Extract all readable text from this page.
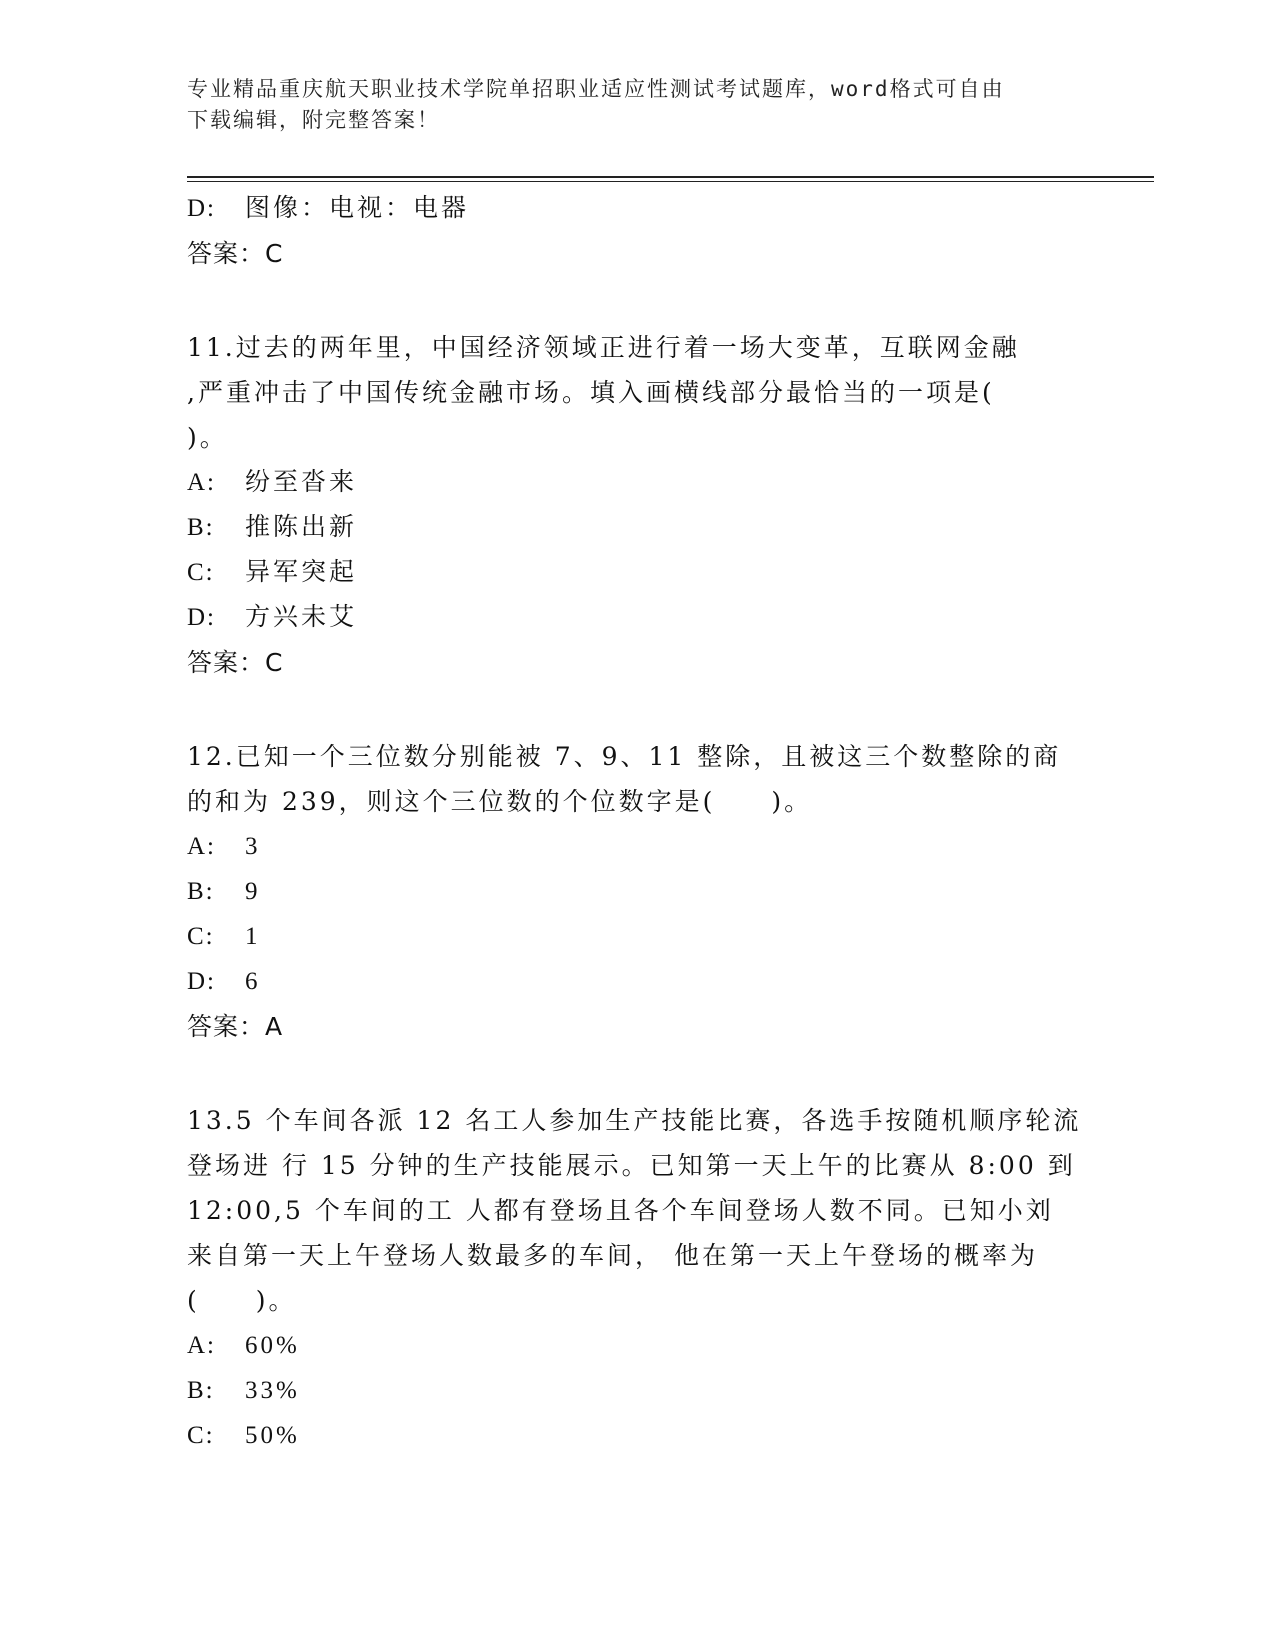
专业精品重庆航天职业技术学院单招职业适应性测试考试题库，word格式可自由
下载编辑，附完整答案！
D:	图像：电视：电器
答案：C
11.过去的两年里，中国经济领域正进行着一场大变革，互联网金融
,严重冲击了中国传统金融市场。填入画横线部分最恰当的一项是(
)。
A:	纷至沓来
B:	推陈出新
C:	异军突起
D:	方兴未艾
答案：C
12.已知一个三位数分别能被 7、9、11 整除，且被这三个数整除的商
的和为 239，则这个三位数的个位数字是(　　)。
A:	3
B:	9
C:	1
D:	6
答案：A
13.5 个车间各派 12 名工人参加生产技能比赛，各选手按随机顺序轮流
登场进 行 15 分钟的生产技能展示。已知第一天上午的比赛从 8:00 到
12:00,5 个车间的工 人都有登场且各个车间登场人数不同。已知小刘
来自第一天上午登场人数最多的车间， 他在第一天上午登场的概率为
(　　)。
A:	60%
B:	33%
C:	50%
